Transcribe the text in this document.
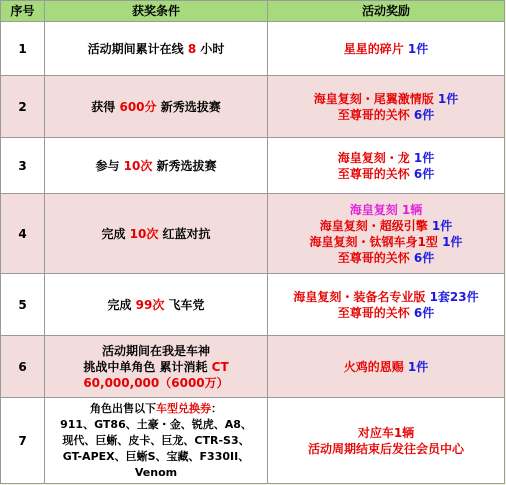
序号	获奖条件	活动奖励
1	活动期间累计在线 8 小时	星星的碎片 1件

2	获得 600分 新秀选拔赛	海皇复刻・尾翼激情版 1件
至尊哥的关怀 6件

3	参与 10次 新秀选拔赛	海皇复刻・龙 1件
至尊哥的关怀 6件

4	完成 10次 红蓝对抗	海皇复刻 1辆
海皇复刻・超级引擎 1件
海皇复刻・钛钢车身1型 1件
至尊哥的关怀 6件

5	完成 99次 飞车党	海皇复刻・装备名专业版 1套23件
至尊哥的关怀 6件

6	活动期间在我是车神
挑战中单角色 累计消耗 CT
60,000,000（6000万）	火鸡的恩赐 1件

7	角色出售以下车型兑换券：
911、GT86、土豪・金、锐虎、A8、
现代、巨蜥、皮卡、巨龙、CTR-S3、
GT-APEX、巨蜥S、宝藏、F330II、
Venom	对应车1辆
活动周期结束后发往会员中心
